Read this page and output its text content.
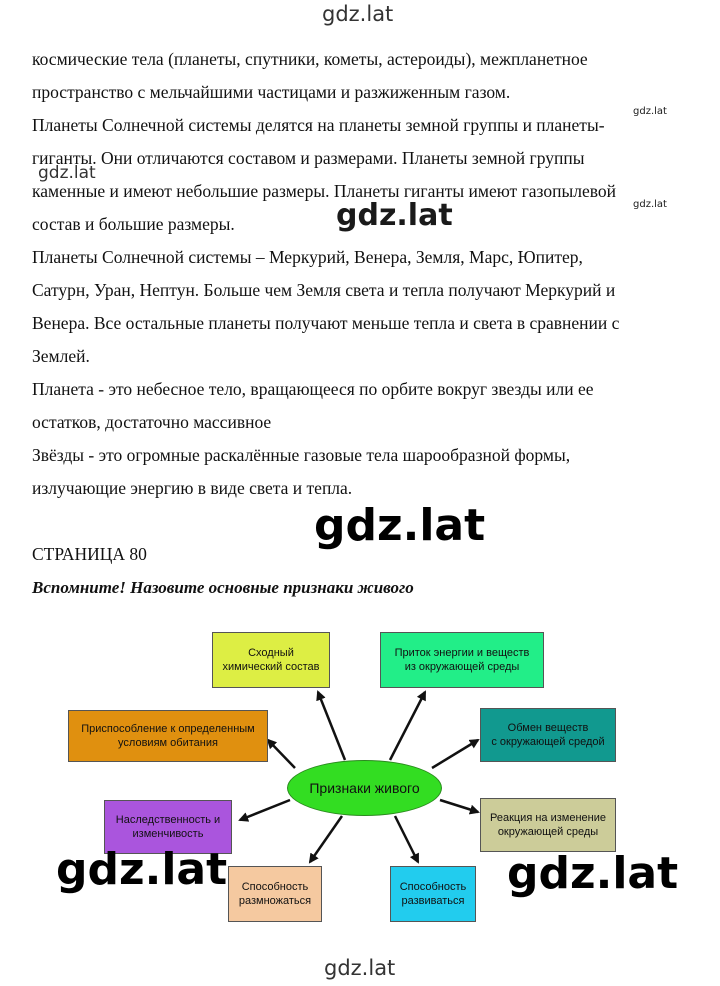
gdz.lat
gdz.lat
gdz.lat
gdz.lat

космические тела (планеты, спутники, кометы, астероиды), межпланетное
пространство с мельчайшими частицами и разжиженным газом.

Планеты Солнечной системы делятся на планеты земной группы и планеты-
гиганты. Они отличаются составом и размерами. Планеты земной группы
каменные и имеют небольшие размеры. Планеты гиганты имеют газопылевой
состав и большие размеры.

Планеты Солнечной системы – Меркурий, Венера, Земля, Марс, Юпитер,
Сатурн, Уран, Нептун. Больше чем Земля света и тепла получают Меркурий и
Венера. Все остальные планеты получают меньше тепла и света в сравнении с
Землей.

Планета - это небесное тело, вращающееся по орбите вокруг звезды или ее
остатков, достаточно массивное

Звёзды - это огромные раскалённые газовые тела шарообразной формы,
излучающие энергию в виде света и тепла.

gdz.lat
gdz.lat
СТРАНИЦА 80
Вспомните! Назовите основные признаки живого
Признаки живого
Сходный
химический состав
Приток энергии и веществ
из окружающей среды
Приспособление к определенным
условиям обитания
Обмен веществ
с окружающей средой
Наследственность и
изменчивость
Реакция на изменение
окружающей среды
Способность
размножаться
Способность
развиваться
gdz.lat	gdz.lat
gdz.lat
